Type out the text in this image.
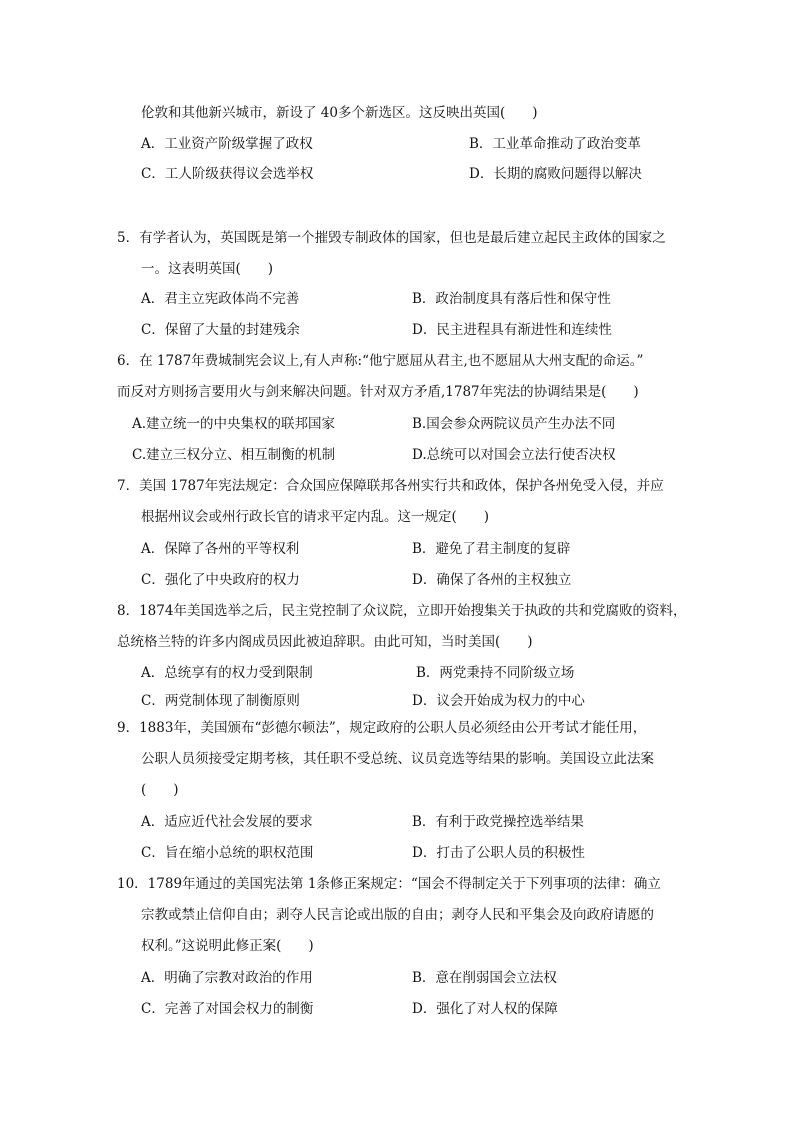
伦敦和其他新兴城市，新设了 40多个新选区。这反映出英国(　　)
A．工业资产阶级掌握了政权	B．工业革命推动了政治变革
C．工人阶级获得议会选举权	D．长期的腐败问题得以解决
5．有学者认为，英国既是第一个摧毁专制政体的国家，但也是最后建立起民主政体的国家之
一。这表明英国(　　)
A．君主立宪政体尚不完善	B．政治制度具有落后性和保守性
C．保留了大量的封建残余	D．民主进程具有渐进性和连续性
6．在 1787年费城制宪会议上,有人声称:“他宁愿屈从君主,也不愿屈从大州支配的命运。”
而反对方则扬言要用火与剑来解决问题。针对双方矛盾,1787年宪法的协调结果是(　　)
A.建立统一的中央集权的联邦国家	B.国会参众两院议员产生办法不同
C.建立三权分立、相互制衡的机制	D.总统可以对国会立法行使否决权
7．美国 1787年宪法规定：合众国应保障联邦各州实行共和政体，保护各州免受入侵，并应
根据州议会或州行政长官的请求平定内乱。这一规定(　　)
A．保障了各州的平等权利	B．避免了君主制度的复辟
C．强化了中央政府的权力	D．确保了各州的主权独立
8．1874年美国选举之后，民主党控制了众议院，立即开始搜集关于执政的共和党腐败的资料，
总统格兰特的许多内阁成员因此被迫辞职。由此可知，当时美国(　　)
A．总统享有的权力受到限制	B．两党秉持不同阶级立场
C．两党制体现了制衡原则	D．议会开始成为权力的中心
9．1883年，美国颁布“彭德尔顿法”，规定政府的公职人员必须经由公开考试才能任用，
公职人员须接受定期考核，其任职不受总统、议员竞选等结果的影响。美国设立此法案
(　　)
A．适应近代社会发展的要求	B．有利于政党操控选举结果
C．旨在缩小总统的职权范围	D．打击了公职人员的积极性
10．1789年通过的美国宪法第 1条修正案规定：“国会不得制定关于下列事项的法律：确立
宗教或禁止信仰自由；剥夺人民言论或出版的自由；剥夺人民和平集会及向政府请愿的
权利。”这说明此修正案(　　)
A．明确了宗教对政治的作用	B．意在削弱国会立法权
C．完善了对国会权力的制衡	D．强化了对人权的保障
